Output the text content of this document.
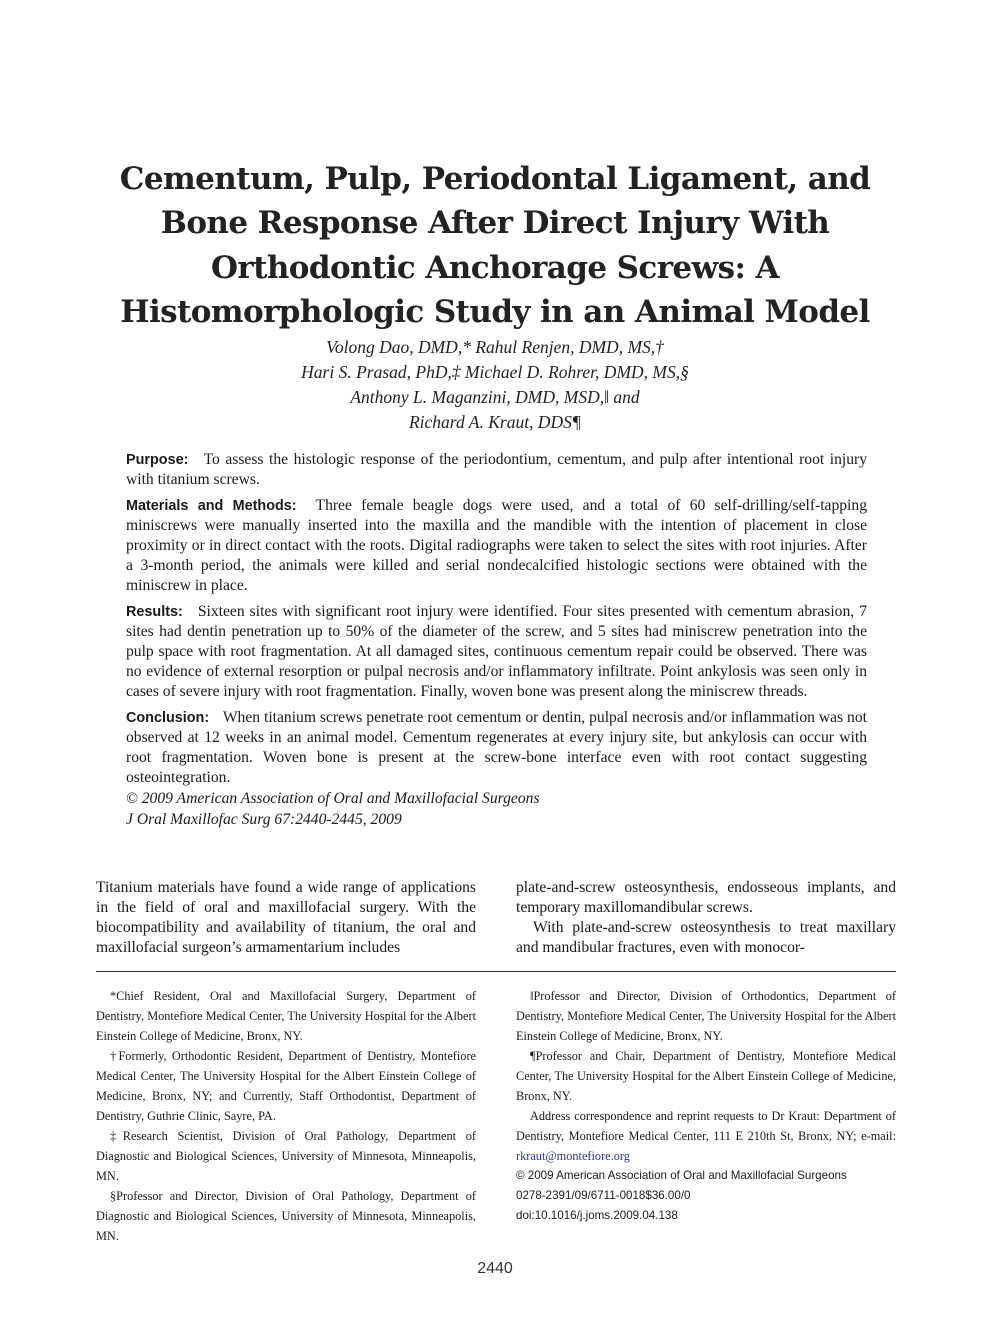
Cementum, Pulp, Periodontal Ligament, and
Bone Response After Direct Injury With
Orthodontic Anchorage Screws: A
Histomorphologic Study in an Animal Model
Volong Dao, DMD,* Rahul Renjen, DMD, MS,†
Hari S. Prasad, PhD,‡ Michael D. Rohrer, DMD, MS,§
Anthony L. Maganzini, DMD, MSD,‖ and
Richard A. Kraut, DDS¶

Purpose: To assess the histologic response of the periodontium, cementum, and pulp after intentional root injury with titanium screws.

Materials and Methods: Three female beagle dogs were used, and a total of 60 self-drilling/self-tapping miniscrews were manually inserted into the maxilla and the mandible with the intention of placement in close proximity or in direct contact with the roots. Digital radiographs were taken to select the sites with root injuries. After a 3-month period, the animals were killed and serial nondecalcified histologic sections were obtained with the miniscrew in place.

Results: Sixteen sites with significant root injury were identified. Four sites presented with cementum abrasion, 7 sites had dentin penetration up to 50% of the diameter of the screw, and 5 sites had miniscrew penetration into the pulp space with root fragmentation. At all damaged sites, continuous cementum repair could be observed. There was no evidence of external resorption or pulpal necrosis and/or inflammatory infiltrate. Point ankylosis was seen only in cases of severe injury with root fragmentation. Finally, woven bone was present along the miniscrew threads.

Conclusion: When titanium screws penetrate root cementum or dentin, pulpal necrosis and/or inflammation was not observed at 12 weeks in an animal model. Cementum regenerates at every injury site, but ankylosis can occur with root fragmentation. Woven bone is present at the screw-bone interface even with root contact suggesting osteointegration.

© 2009 American Association of Oral and Maxillofacial Surgeons

J Oral Maxillofac Surg 67:2440-2445, 2009

Titanium materials have found a wide range of applications in the field of oral and maxillofacial surgery. With the biocompatibility and availability of titanium, the oral and maxillofacial surgeon’s armamentarium includes

plate-and-screw osteosynthesis, endosseous implants, and temporary maxillomandibular screws.

With plate-and-screw osteosynthesis to treat maxillary and mandibular fractures, even with monocor-

*Chief Resident, Oral and Maxillofacial Surgery, Department of Dentistry, Montefiore Medical Center, The University Hospital for the Albert Einstein College of Medicine, Bronx, NY.

†Formerly, Orthodontic Resident, Department of Dentistry, Montefiore Medical Center, The University Hospital for the Albert Einstein College of Medicine, Bronx, NY; and Currently, Staff Orthodontist, Department of Dentistry, Guthrie Clinic, Sayre, PA.

‡Research Scientist, Division of Oral Pathology, Department of Diagnostic and Biological Sciences, University of Minnesota, Minneapolis, MN.

§Professor and Director, Division of Oral Pathology, Department of Diagnostic and Biological Sciences, University of Minnesota, Minneapolis, MN.

‖Professor and Director, Division of Orthodontics, Department of Dentistry, Montefiore Medical Center, The University Hospital for the Albert Einstein College of Medicine, Bronx, NY.

¶Professor and Chair, Department of Dentistry, Montefiore Medical Center, The University Hospital for the Albert Einstein College of Medicine, Bronx, NY.

Address correspondence and reprint requests to Dr Kraut: Department of Dentistry, Montefiore Medical Center, 111 E 210th St, Bronx, NY; e-mail: rkraut@montefiore.org

© 2009 American Association of Oral and Maxillofacial Surgeons

0278-2391/09/6711-0018$36.00/0

doi:10.1016/j.joms.2009.04.138

2440
